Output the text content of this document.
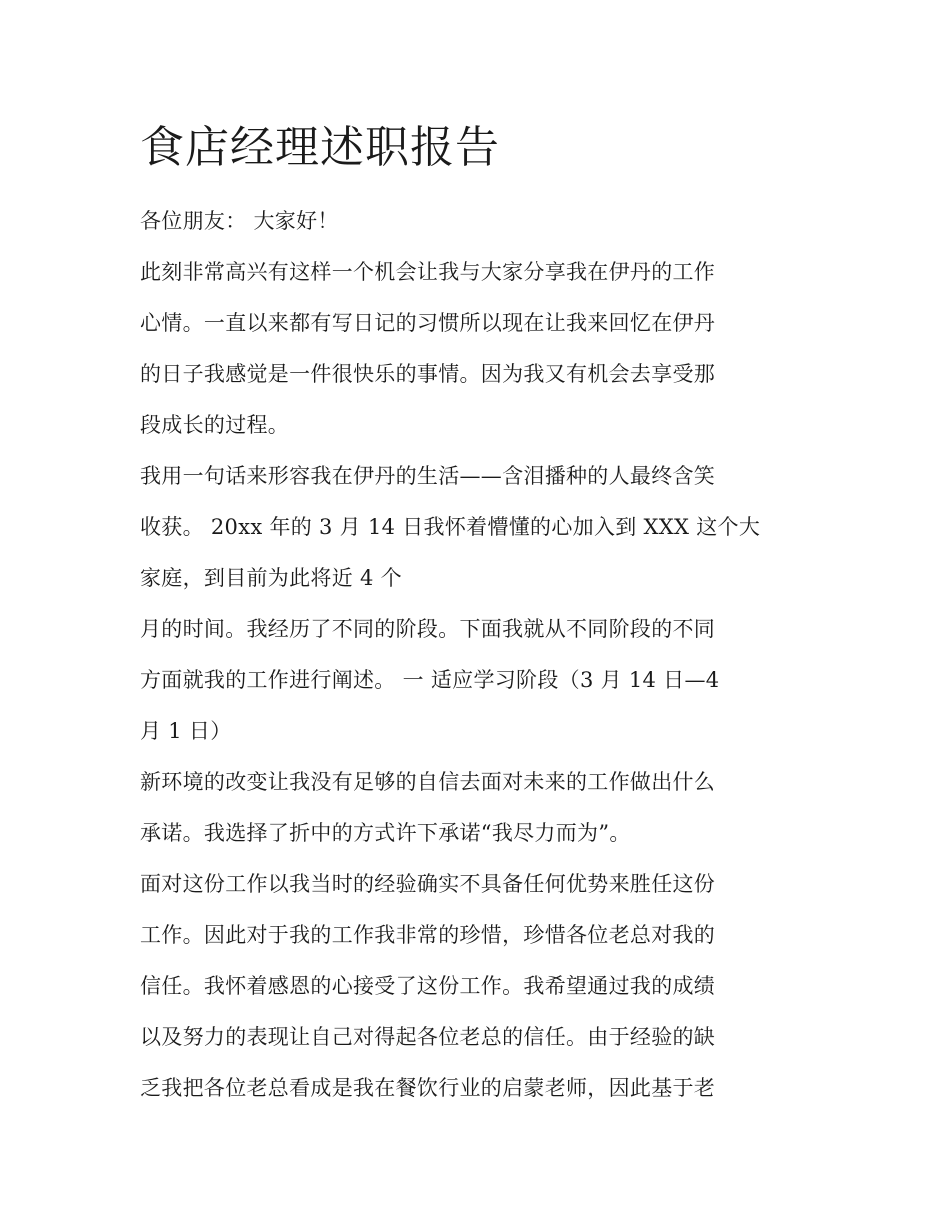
食店经理述职报告
各位朋友： 大家好！
此刻非常高兴有这样一个机会让我与大家分享我在伊丹的工作
心情。一直以来都有写日记的习惯所以现在让我来回忆在伊丹
的日子我感觉是一件很快乐的事情。因为我又有机会去享受那
段成长的过程。
我用一句话来形容我在伊丹的生活——含泪播种的人最终含笑
收获。 20xx 年的 3 月 14 日我怀着懵懂的心加入到 XXX 这个大
家庭，到目前为此将近 4 个
月的时间。我经历了不同的阶段。下面我就从不同阶段的不同
方面就我的工作进行阐述。 一 适应学习阶段（3 月 14 日—4
月 1 日）
新环境的改变让我没有足够的自信去面对未来的工作做出什么
承诺。我选择了折中的方式许下承诺“我尽力而为”。
面对这份工作以我当时的经验确实不具备任何优势来胜任这份
工作。因此对于我的工作我非常的珍惜，珍惜各位老总对我的
信任。我怀着感恩的心接受了这份工作。我希望通过我的成绩
以及努力的表现让自己对得起各位老总的信任。由于经验的缺
乏我把各位老总看成是我在餐饮行业的启蒙老师，因此基于老
